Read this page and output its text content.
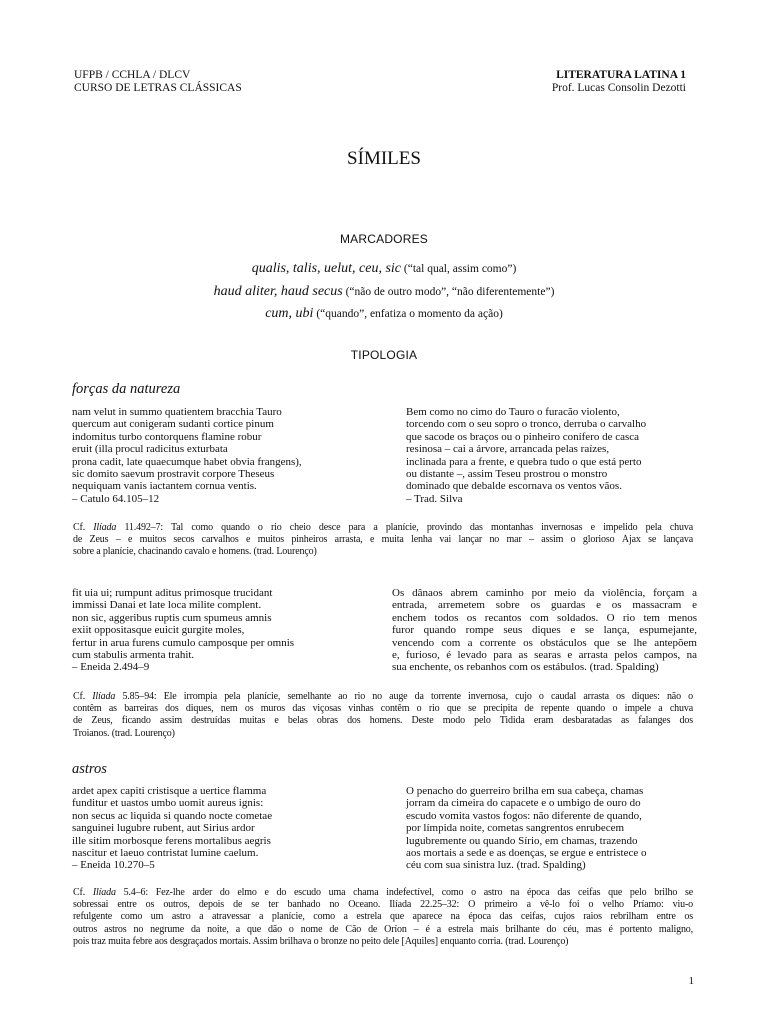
UFPB / CCHLA / DLCV
CURSO DE LETRAS CLÁSSICAS
LITERATURA LATINA 1
Prof. Lucas Consolin Dezotti
SÍMILES
MARCADORES
qualis, talis, uelut, ceu, sic (“tal qual, assim como”)
haud aliter, haud secus (“não de outro modo”, “não diferentemente”)
cum, ubi (“quando”, enfatiza o momento da ação)
TIPOLOGIA
forças da natureza
nam velut in summo quatientem bracchia Tauro
quercum aut conigeram sudanti cortice pinum
indomitus turbo contorquens flamine robur
eruit (illa procul radicitus exturbata
prona cadit, late quaecumque habet obvia frangens),
sic domito saevum prostravit corpore Theseus
nequiquam vanis iactantem cornua ventis.
– Catulo 64.105–12
Bem como no cimo do Tauro o furacão violento,
torcendo com o seu sopro o tronco, derruba o carvalho
que sacode os braços ou o pinheiro conífero de casca
resinosa – cai a árvore, arrancada pelas raízes,
inclinada para a frente, e quebra tudo o que está perto
ou distante –, assim Teseu prostrou o monstro
dominado que debalde escornava os ventos vãos.
– Trad. Silva
Cf. Ilíada 11.492–7: Tal como quando o rio cheio desce para a planície, provindo das montanhas invernosas e impelido pela chuva
de Zeus – e muitos secos carvalhos e muitos pinheiros arrasta, e muita lenha vai lançar no mar – assim o glorioso Ájax se lançava
sobre a planície, chacinando cavalo e homens. (trad. Lourenço)
fit uia ui; rumpunt aditus primosque trucidant
immissi Danai et late loca milite complent.
non sic, aggeribus ruptis cum spumeus amnis
exiit oppositasque euicit gurgite moles,
fertur in arua furens cumulo camposque per omnis
cum stabulis armenta trahit.
– Eneida 2.494–9
Os dânaos abrem caminho por meio da violência, forçam a
entrada, arremetem sobre os guardas e os massacram e
enchem todos os recantos com soldados. O rio tem menos
furor quando rompe seus diques e se lança, espumejante,
vencendo com a corrente os obstáculos que se lhe antepõem
e, furioso, é levado para as searas e arrasta pelos campos, na
sua enchente, os rebanhos com os estábulos. (trad. Spalding)
Cf. Ilíada 5.85–94: Ele irrompia pela planície, semelhante ao rio no auge da torrente invernosa, cujo o caudal arrasta os diques: não o
contêm as barreiras dos diques, nem os muros das viçosas vinhas contêm o rio que se precipita de repente quando o impele a chuva
de Zeus, ficando assim destruídas muitas e belas obras dos homens. Deste modo pelo Tidida eram desbaratadas as falanges dos
Troianos. (trad. Lourenço)
astros
ardet apex capiti cristisque a uertice flamma
funditur et uastos umbo uomit aureus ignis:
non secus ac liquida si quando nocte cometae
sanguinei lugubre rubent, aut Sirius ardor
ille sitim morbosque ferens mortalibus aegris
nascitur et laeuo contristat lumine caelum.
– Eneida 10.270–5
O penacho do guerreiro brilha em sua cabeça, chamas
jorram da cimeira do capacete e o umbigo de ouro do
escudo vomita vastos fogos: não diferente de quando,
por límpida noite, cometas sangrentos enrubecem
lugubremente ou quando Sírio, em chamas, trazendo
aos mortais a sede e as doenças, se ergue e entristece o
céu com sua sinistra luz. (trad. Spalding)
Cf. Ilíada 5.4–6: Fez-lhe arder do elmo e do escudo uma chama indefectível, como o astro na época das ceifas que pelo brilho se
sobressai entre os outros, depois de se ter banhado no Oceano. Ilíada 22.25–32: O primeiro a vê-lo foi o velho Príamo: viu-o
refulgente como um astro a atravessar a planície, como a estrela que aparece na época das ceifas, cujos raios rebrilham entre os
outros astros no negrume da noite, a que dão o nome de Cão de Oríon – é a estrela mais brilhante do céu, mas é portento maligno,
pois traz muita febre aos desgraçados mortais. Assim brilhava o bronze no peito dele [Aquiles] enquanto corria. (trad. Lourenço)
1
